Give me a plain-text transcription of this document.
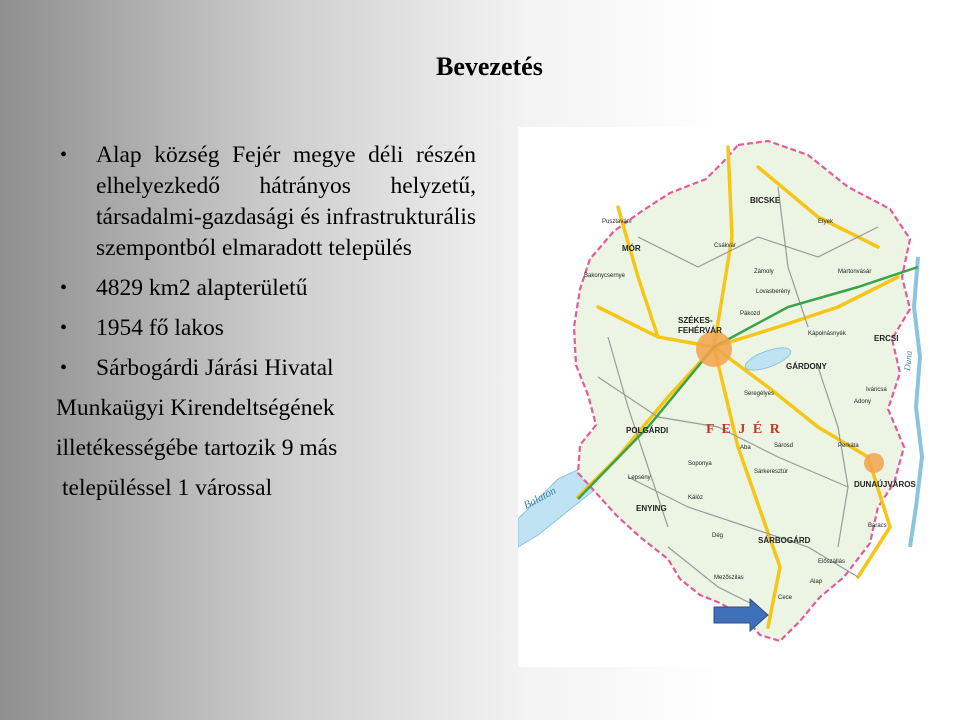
Bevezetés
• Alap község Fejér megye déli részén elhelyezkedő hátrányos helyzetű, társadalmi-gazdasági és infrastrukturális szempontból elmaradott település
• 4829 km2 alapterületű
• 1954 fő lakos
• Sárbogárdi Járási Hivatal
Munkaügyi Kirendeltségének
illetékességébe tartozik 9 más
településsel 1 várossal
BICSKE
MÓR
SZÉKES-
FEHÉRVÁR
GÁRDONY
ERCSI
POLGÁRDI
ENYING
DUNAÚJVÁROS
SÁRBOGÁRD
Etyek
Csákvár
Martonvásár
Pákozd
Seregélyes
Adony
Aba
Lepsény
Sárosd
Alap
Cece
Mezőszilas
Baracs
Előszállás
Zámoly
Kápolnásnyék
Perkáta
Soponya
Kálóz
Dég
Lovasberény
Bakonycsernye
Pusztavám
Sárkeresztúr
Iváncsa
F E J É R
Balaton
Duna
